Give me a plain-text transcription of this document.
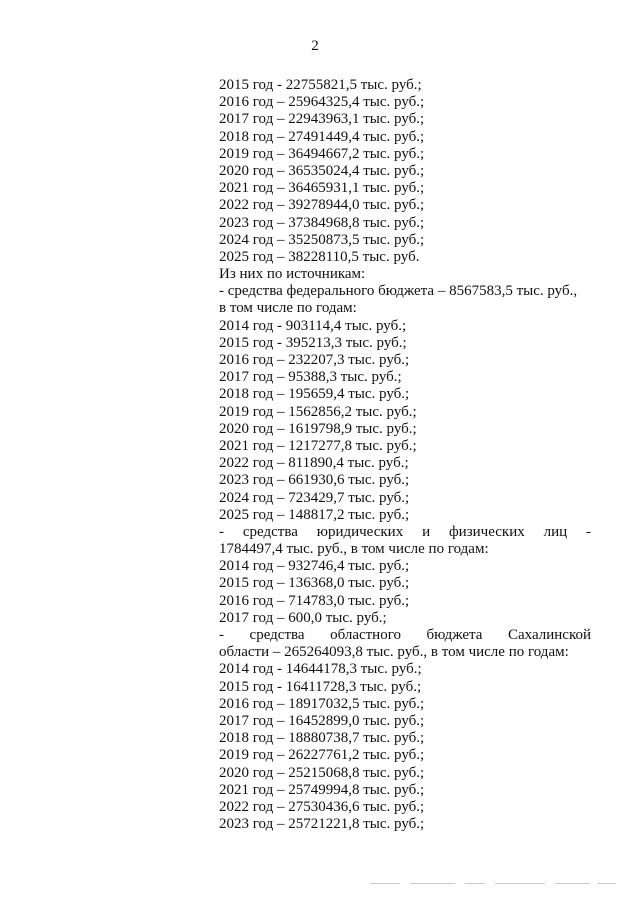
2
2015 год - 22755821,5 тыс. руб.;
2016 год – 25964325,4 тыс. руб.;
2017 год – 22943963,1 тыс. руб.;
2018 год – 27491449,4 тыс. руб.;
2019 год – 36494667,2 тыс. руб.;
2020 год – 36535024,4 тыс. руб.;
2021 год – 36465931,1 тыс. руб.;
2022 год – 39278944,0 тыс. руб.;
2023 год – 37384968,8 тыс. руб.;
2024 год – 35250873,5 тыс. руб.;
2025 год – 38228110,5 тыс. руб.
Из них по источникам:
- средства федерального бюджета – 8567583,5 тыс. руб.,
в том числе по годам:
2014 год - 903114,4 тыс. руб.;
2015 год - 395213,3 тыс. руб.;
2016 год – 232207,3 тыс. руб.;
2017 год – 95388,3 тыс. руб.;
2018 год – 195659,4 тыс. руб.;
2019 год – 1562856,2 тыс. руб.;
2020 год – 1619798,9 тыс. руб.;
2021 год – 1217277,8 тыс. руб.;
2022 год – 811890,4 тыс. руб.;
2023 год – 661930,6 тыс. руб.;
2024 год – 723429,7 тыс. руб.;
2025 год – 148817,2 тыс. руб.;
- средства юридических и физических лиц -
1784497,4 тыс. руб., в том числе по годам:
2014 год – 932746,4 тыс. руб.;
2015 год – 136368,0 тыс. руб.;
2016 год – 714783,0 тыс. руб.;
2017 год – 600,0 тыс. руб.;
- средства областного бюджета Сахалинской
области – 265264093,8 тыс. руб., в том числе по годам:
2014 год - 14644178,3 тыс. руб.;
2015 год - 16411728,3 тыс. руб.;
2016 год – 18917032,5 тыс. руб.;
2017 год – 16452899,0 тыс. руб.;
2018 год – 18880738,7 тыс. руб.;
2019 год – 26227761,2 тыс. руб.;
2020 год – 25215068,8 тыс. руб.;
2021 год – 25749994,8 тыс. руб.;
2022 год – 27530436,6 тыс. руб.;
2023 год – 25721221,8 тыс. руб.;
